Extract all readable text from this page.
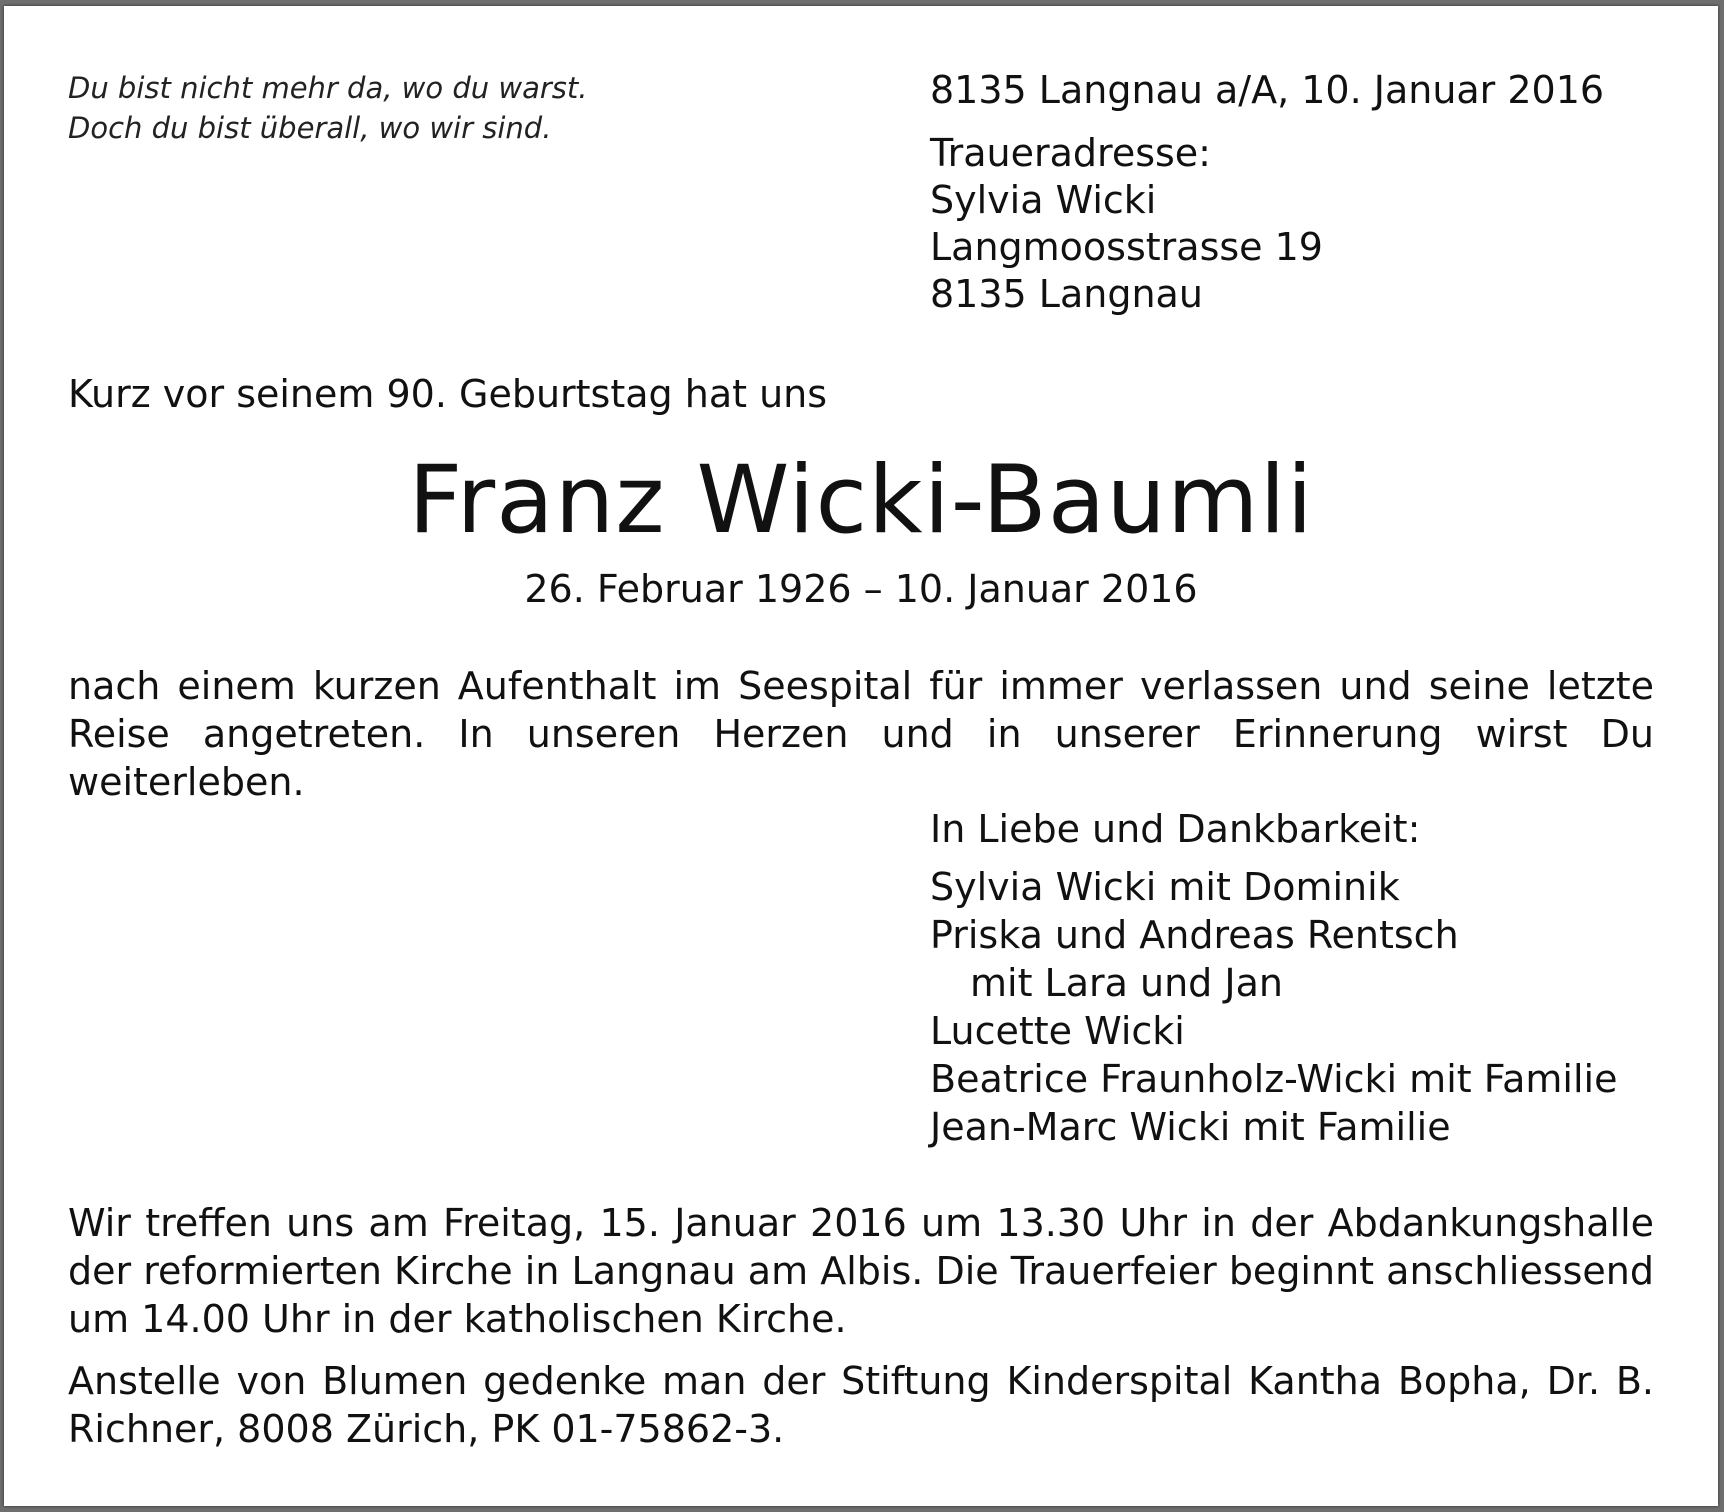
Du bist nicht mehr da, wo du warst.
Doch du bist überall, wo wir sind.
8135 Langnau a/A, 10. Januar 2016
Traueradresse:
Sylvia Wicki
Langmoosstrasse 19
8135 Langnau
Kurz vor seinem 90. Geburtstag hat uns
Franz Wicki-Baumli
26. Februar 1926 – 10. Januar 2016
nach einem kurzen Aufenthalt im Seespital für immer verlassen und seine letzte Reise angetreten. In unseren Herzen und in unserer Erinnerung wirst Du weiterleben.
In Liebe und Dankbarkeit:
Sylvia Wicki mit Dominik
Priska und Andreas Rentsch
mit Lara und Jan
Lucette Wicki
Beatrice Fraunholz-Wicki mit Familie
Jean-Marc Wicki mit Familie
Wir treffen uns am Freitag, 15. Januar 2016 um 13.30 Uhr in der Abdankungshalle der reformierten Kirche in Langnau am Albis. Die Trauerfeier beginnt anschliessend um 14.00 Uhr in der katholischen Kirche.
Anstelle von Blumen gedenke man der Stiftung Kinderspital Kantha Bopha, Dr. B. Richner, 8008 Zürich, PK 01-75862-3.
